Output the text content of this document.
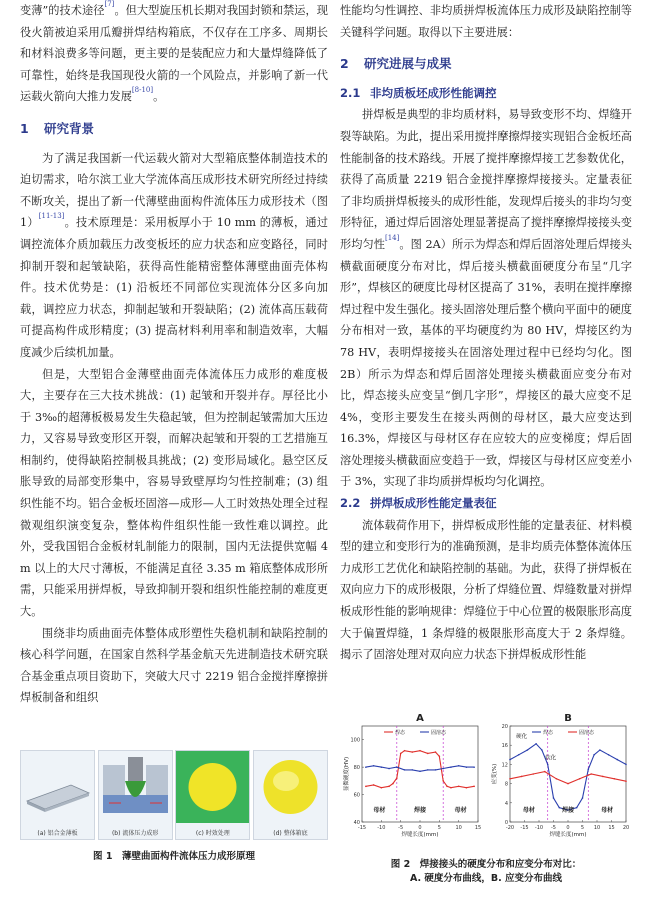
变薄”的技术途径[7]。但大型旋压机长期对我国封锁和禁运，现役火箭被迫采用瓜瓣拼焊结构箱底，不仅存在工序多、周期长和材料浪费多等问题，更主要的是装配应力和大量焊缝降低了可靠性，始终是我国现役火箭的一个风险点，并影响了新一代运载火箭向大推力发展[8-10]。

1 研究背景

为了满足我国新一代运载火箭对大型箱底整体制造技术的迫切需求，哈尔滨工业大学流体高压成形技术研究所经过持续不断攻关，提出了新一代薄壁曲面构件流体压力成形技术（图 1）[11-13]。技术原理是：采用板厚小于 10 mm 的薄板，通过调控流体介质加载压力改变板坯的应力状态和应变路径，同时抑制开裂和起皱缺陷，获得高性能精密整体薄壁曲面壳体构件。技术优势是：(1) 沿板坯不同部位实现流体分区多向加载，调控应力状态，抑制起皱和开裂缺陷；(2) 流体高压载荷可提高构件成形精度；(3) 提高材料利用率和制造效率，大幅度减少后续机加量。

但是，大型铝合金薄壁曲面壳体流体压力成形的难度极大，主要存在三大技术挑战：(1) 起皱和开裂并存。厚径比小于 3‰的超薄板极易发生失稳起皱，但为控制起皱需加大压边力，又容易导致变形区开裂，而解决起皱和开裂的工艺措施互相制约，使得缺陷控制极具挑战；(2) 变形局域化。悬空区反胀导致的局部变形集中，容易导致壁厚均匀性控制难；(3) 组织性能不均。铝合金板坯固溶—成形—人工时效热处理全过程微观组织演变复杂，整体构件组织性能一致性难以调控。此外，受我国铝合金板材轧制能力的限制，国内无法提供宽幅 4 m 以上的大尺寸薄板，不能满足直径 3.35 m 箱底整体成形所需，只能采用拼焊板，导致抑制开裂和组织性能控制的难度更大。

围绕非均质曲面壳体整体成形塑性失稳机制和缺陷控制的核心科学问题，在国家自然科学基金航天先进制造技术研究联合基金重点项目资助下，突破大尺寸 2219 铝合金搅拌摩擦拼焊板制备和组织

(a) 铝合金薄板	(b) 流体压力成形	(c) 时效处理	(d) 整体箱底
图 1　薄壁曲面构件流体压力成形原理

性能均匀性调控、非均质拼焊板流体压力成形及缺陷控制等关键科学问题。取得以下主要进展：

2 研究进展与成果
2.1 非均质板坯成形性能调控

拼焊板是典型的非均质材料，易导致变形不均、焊缝开裂等缺陷。为此，提出采用搅拌摩擦焊接实现铝合金板坯高性能制备的技术路线。开展了搅拌摩擦焊接工艺参数优化，获得了高质量 2219 铝合金搅拌摩擦焊接接头。定量表征了非均质拼焊板接头的成形性能，发现焊后接头的非均匀变形特征，通过焊后固溶处理显著提高了搅拌摩擦焊接接头变形均匀性[14]。图 2A）所示为焊态和焊后固溶处理后焊接头横截面硬度分布对比，焊后接头横截面硬度分布呈“几字形”，焊核区的硬度比母材区提高了 31%，表明在搅拌摩擦焊过程中发生强化。接头固溶处理后整个横向平面中的硬度分布相对一致，基体的平均硬度约为 80 HV，焊接区约为 78 HV，表明焊接接头在固溶处理过程中已经均匀化。图 2B）所示为焊态和焊后固溶处理接头横截面应变分布对比，焊态接头应变呈“倒几字形”，焊接区的最大应变不足 4%，变形主要发生在接头两侧的母材区，最大应变达到 16.3%，焊接区与母材区存在应较大的应变梯度；焊后固溶处理接头横截面应变趋于一致，焊接区与母材区应变差小于 3%，实现了非均质拼焊板均匀化调控。

2.2 拼焊板成形性能定量表征

流体载荷作用下，拼焊板成形性能的定量表征、材料模型的建立和变形行为的准确预测，是非均质壳体整体流体压力成形工艺优化和缺陷控制的基础。为此，获得了拼焊板在双向应力下的成形极限，分析了焊缝位置、焊缝数量对拼焊板成形性能的影响规律：焊缝位于中心位置的极限胀形高度大于偏置焊缝，1 条焊缝的极限胀形高度大于 2 条焊缝。揭示了固溶处理对双向应力状态下拼焊板成形性能

A
-15 -10	-5	0	5	10	15
40
60
80
100
焊缝长度(mm)
显微硬度(HV)
焊态	固溶态
母材	焊接	母材
B
-20 -15 -10 -5 0 5 10 15 20
0
4
8
12
16
20
焊缝长度(mm)
应变(%)
焊态	固溶态
母材	焊接	母材
硬化
软化
图 2　焊接接头的硬度分布和应变分布对比：
A. 硬度分布曲线，B. 应变分布曲线
